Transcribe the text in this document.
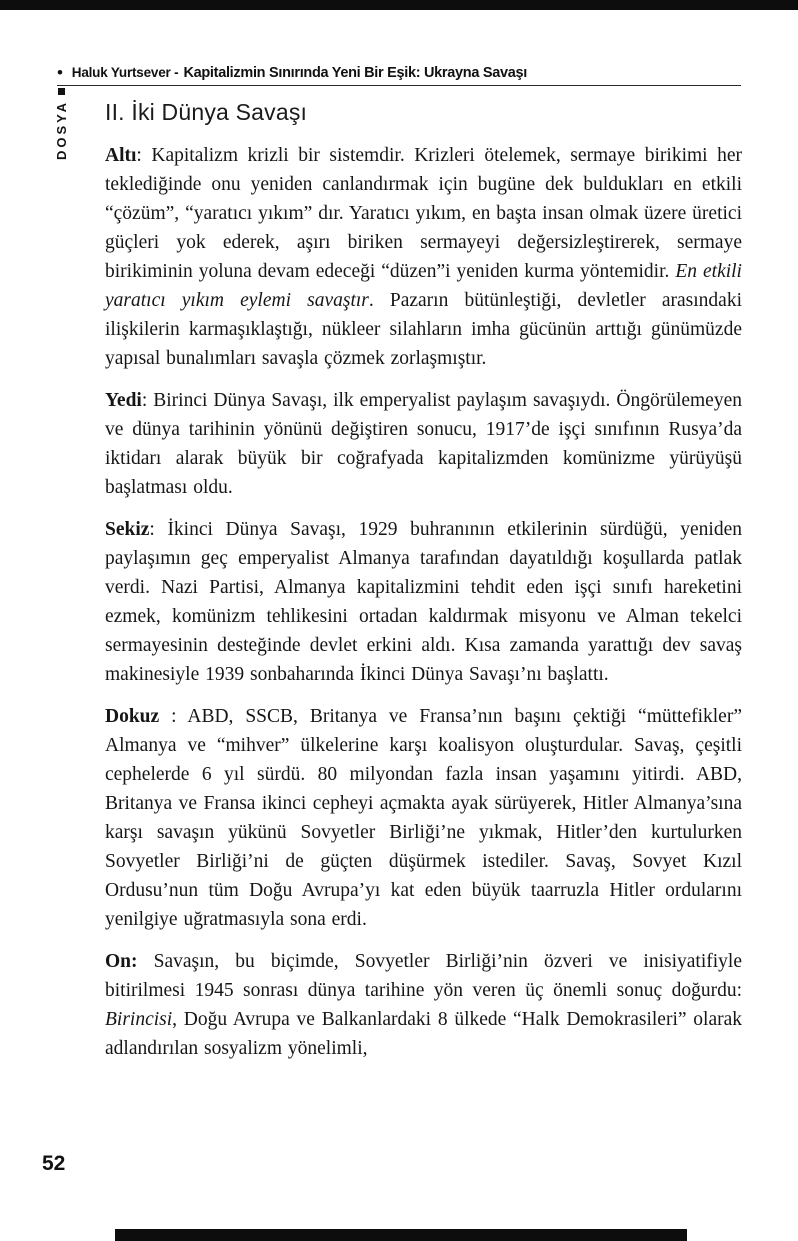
• Haluk Yurtsever - Kapitalizmin Sınırında Yeni Bir Eşik: Ukrayna Savaşı
DOSYA II. İki Dünya Savaşı

Altı: Kapitalizm krizli bir sistemdir. Krizleri ötelemek, sermaye birikimi her teklediğinde onu yeniden canlandırmak için bugüne dek buldukları en etkili “çözüm”, “yaratıcı yıkım” dır. Yaratıcı yıkım, en başta insan olmak üzere üretici güçleri yok ederek, aşırı biriken sermayeyi değersizleştirerek, sermaye birikiminin yoluna devam edeceği “düzen”i yeniden kurma yöntemidir. En etkili yaratıcı yıkım eylemi savaştır. Pazarın bütünleştiği, devletler arasındaki ilişkilerin karmaşıklaştığı, nükleer silahların imha gücünün arttığı günümüzde yapısal bunalımları savaşla çözmek zorlaşmıştır.

Yedi: Birinci Dünya Savaşı, ilk emperyalist paylaşım savaşıydı. Öngörülemeyen ve dünya tarihinin yönünü değiştiren sonucu, 1917’de işçi sınıfının Rusya’da iktidarı alarak büyük bir coğrafyada kapitalizmden komünizme yürüyüşü başlatması oldu.

Sekiz: İkinci Dünya Savaşı, 1929 buhranının etkilerinin sürdüğü, yeniden paylaşımın geç emperyalist Almanya tarafından dayatıldığı koşullarda patlak verdi. Nazi Partisi, Almanya kapitalizmini tehdit eden işçi sınıfı hareketini ezmek, komünizm tehlikesini ortadan kaldırmak misyonu ve Alman tekelci sermayesinin desteğinde devlet erkini aldı. Kısa zamanda yarattığı dev savaş makinesiyle 1939 sonbaharında İkinci Dünya Savaşı’nı başlattı.

Dokuz : ABD, SSCB, Britanya ve Fransa’nın başını çektiği “müttefikler” Almanya ve “mihver” ülkelerine karşı koalisyon oluşturdular. Savaş, çeşitli cephelerde 6 yıl sürdü. 80 milyondan fazla insan yaşamını yitirdi. ABD, Britanya ve Fransa ikinci cepheyi açmakta ayak sürüyerek, Hitler Almanya’sına karşı savaşın yükünü Sovyetler Birliği’ne yıkmak, Hitler’den kurtulurken Sovyetler Birliği’ni de güçten düşürmek istediler. Savaş, Sovyet Kızıl Ordusu’nun tüm Doğu Avrupa’yı kat eden büyük taarruzla Hitler ordularını yenilgiye uğratmasıyla sona erdi.

On: Savaşın, bu biçimde, Sovyetler Birliği’nin özveri ve inisiyatifiyle bitirilmesi 1945 sonrası dünya tarihine yön veren üç önemli sonuç doğurdu: Birincisi, Doğu Avrupa ve Balkanlardaki 8 ülkede “Halk Demokrasileri” olarak adlandırılan sosyalizm yönelimli,

52
